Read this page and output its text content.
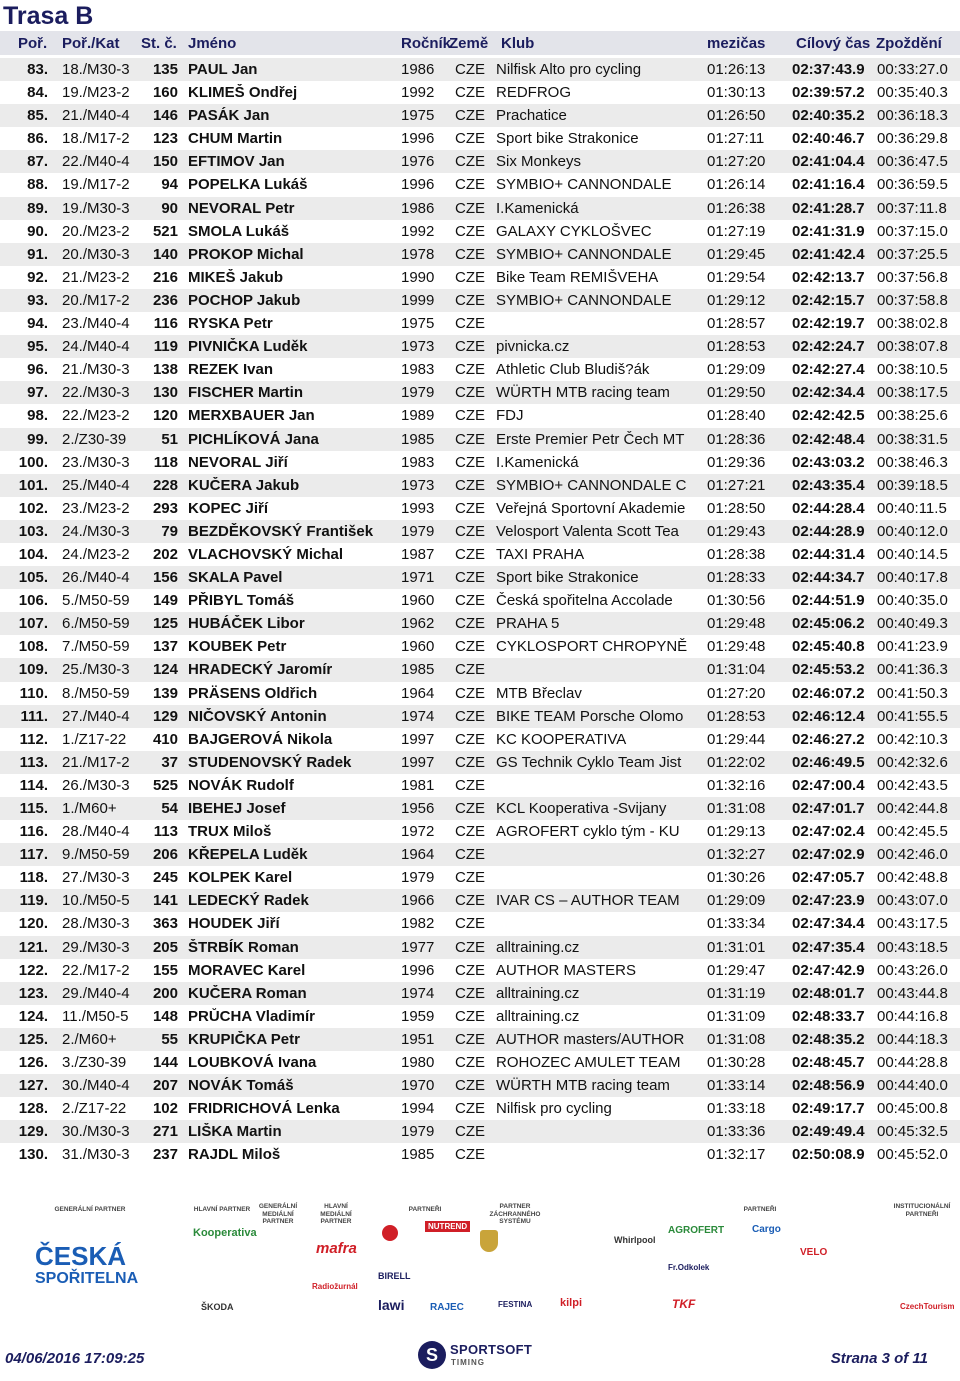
Trasa B
Poř. Poř./Kat St. č. Jméno	Ročník
Země Klub	mezičas Cílový čas Zpoždění
83. 18./M30-3	135 PAUL Jan	1986	CZE Nilfisk Alto pro cycling	01:26:13	02:37:43.9 00:33:27.0
84. 19./M23-2	160 KLIMEŠ Ondřej	1992	CZE REDFROG	01:30:13	02:39:57.2 00:35:40.3
85. 21./M40-4	146 PASÁK Jan	1975	CZE Prachatice	01:26:50	02:40:35.2 00:36:18.3
86. 18./M17-2	123 CHUM Martin	1996	CZE Sport bike Strakonice	01:27:11	02:40:46.7 00:36:29.8
87. 22./M40-4	150 EFTIMOV Jan	1976	CZE Six Monkeys	01:27:20	02:41:04.4 00:36:47.5
88. 19./M17-2	94 POPELKA Lukáš	1996	CZE SYMBIO+ CANNONDALE	01:26:14	02:41:16.4 00:36:59.5
89. 19./M30-3	90 NEVORAL Petr	1986	CZE I.Kamenická	01:26:38	02:41:28.7 00:37:11.8
90. 20./M23-2	521 SMOLA Lukáš	1992	CZE GALAXY CYKLOŠVEC	01:27:19	02:41:31.9 00:37:15.0
91. 20./M30-3	140 PROKOP Michal	1978	CZE SYMBIO+ CANNONDALE	01:29:45	02:41:42.4 00:37:25.5
92. 21./M23-2	216 MIKEŠ Jakub	1990	CZE Bike Team REMIŠVEHA	01:29:54	02:42:13.7 00:37:56.8
93. 20./M17-2	236 POCHOP Jakub	1999	CZE SYMBIO+ CANNONDALE	01:29:12	02:42:15.7 00:37:58.8
94. 23./M40-4	116 RYSKA Petr	1975	CZE	01:28:57	02:42:19.7 00:38:02.8
95. 24./M40-4	119 PIVNIČKA Luděk	1973	CZE pivnicka.cz	01:28:53	02:42:24.7 00:38:07.8
96. 21./M30-3	138 REZEK Ivan	1983	CZE Athletic Club Bludiš?ák	01:29:09	02:42:27.4 00:38:10.5
97. 22./M30-3	130 FISCHER Martin	1979	CZE WÜRTH MTB racing team	01:29:50	02:42:34.4 00:38:17.5
98. 22./M23-2	120 MERXBAUER Jan	1989	CZE FDJ	01:28:40	02:42:42.5 00:38:25.6
99. 2./Z30-39	51 PICHLÍKOVÁ Jana	1985	CZE Erste Premier Petr Čech MT	01:28:36	02:42:48.4 00:38:31.5
100. 23./M30-3	118 NEVORAL Jiří	1983	CZE I.Kamenická	01:29:36	02:43:03.2 00:38:46.3
101. 25./M40-4	228 KUČERA Jakub	1973	CZE SYMBIO+ CANNONDALE C 01:27:21	02:43:35.4 00:39:18.5
102. 23./M23-2	293 KOPEC Jiří	1993	CZE Veřejná Sportovní Akademie	01:28:50	02:44:28.4 00:40:11.5
103. 24./M30-3	79 BEZDĚKOVSKÝ František	1979	CZE Velosport Valenta Scott Tea	01:29:43	02:44:28.9 00:40:12.0
104. 24./M23-2	202 VLACHOVSKÝ Michal	1987	CZE TAXI PRAHA	01:28:38	02:44:31.4 00:40:14.5
105. 26./M40-4	156 SKALA Pavel	1971	CZE Sport bike Strakonice	01:28:33	02:44:34.7 00:40:17.8
106. 5./M50-59	149 PŘIBYL Tomáš	1960	CZE Česká spořitelna Accolade	01:30:56	02:44:51.9 00:40:35.0
107. 6./M50-59	125 HUBÁČEK Libor	1962	CZE PRAHA 5	01:29:48	02:45:06.2 00:40:49.3
108. 7./M50-59	137 KOUBEK Petr	1960	CZE CYKLOSPORT CHROPYNĚ 01:29:48	02:45:40.8 00:41:23.9
109. 25./M30-3	124 HRADECKÝ Jaromír	1985	CZE	01:31:04	02:45:53.2 00:41:36.3
110. 8./M50-59	139 PRÄSENS Oldřich	1964	CZE MTB Břeclav	01:27:20	02:46:07.2 00:41:50.3
111. 27./M40-4	129 NIČOVSKÝ Antonin	1974	CZE BIKE TEAM Porsche Olomo	01:28:53	02:46:12.4 00:41:55.5
112. 1./Z17-22	410 BAJGEROVÁ Nikola	1997	CZE KC KOOPERATIVA	01:29:44	02:46:27.2 00:42:10.3
113. 21./M17-2	37 STUDENOVSKÝ Radek	1997	CZE GS Technik Cyklo Team Jist	01:22:02	02:46:49.5 00:42:32.6
114. 26./M30-3	525 NOVÁK Rudolf	1981	CZE	01:32:16	02:47:00.4 00:42:43.5
115. 1./M60+	54 IBEHEJ Josef	1956	CZE KCL Kooperativa -Svijany	01:31:08	02:47:01.7 00:42:44.8
116. 28./M40-4	113 TRUX Miloš	1972	CZE AGROFERT cyklo tým - KU	01:29:13	02:47:02.4 00:42:45.5
117. 9./M50-59	206 KŘEPELA Luděk	1964	CZE	01:32:27	02:47:02.9 00:42:46.0
118. 27./M30-3	245 KOLPEK Karel	1979	CZE	01:30:26	02:47:05.7 00:42:48.8
119. 10./M50-5	141 LEDECKÝ Radek	1966	CZE IVAR CS – AUTHOR TEAM	01:29:09	02:47:23.9 00:43:07.0
120. 28./M30-3	363 HOUDEK Jiří	1982	CZE	01:33:34	02:47:34.4 00:43:17.5
121. 29./M30-3	205 ŠTRBÍK Roman	1977	CZE alltraining.cz	01:31:01	02:47:35.4 00:43:18.5
122. 22./M17-2	155 MORAVEC Karel	1996	CZE AUTHOR MASTERS	01:29:47	02:47:42.9 00:43:26.0
123. 29./M40-4	200 KUČERA Roman	1974	CZE alltraining.cz	01:31:19	02:48:01.7 00:43:44.8
124. 11./M50-5	148 PRŮCHA Vladimír	1959	CZE alltraining.cz	01:31:09	02:48:33.7 00:44:16.8
125. 2./M60+	55 KRUPIČKA Petr	1951	CZE AUTHOR masters/AUTHOR	01:31:08	02:48:35.2 00:44:18.3
126. 3./Z30-39	144 LOUBKOVÁ Ivana	1980	CZE ROHOZEC AMULET TEAM	01:30:28	02:48:45.7 00:44:28.8
127. 30./M40-4	207 NOVÁK Tomáš	1970	CZE WÜRTH MTB racing team	01:33:14	02:48:56.9 00:44:40.0
128. 2./Z17-22	102 FRIDRICHOVÁ Lenka	1994	CZE Nilfisk pro cycling	01:33:18	02:49:17.7 00:45:00.8
129. 30./M30-3	271 LIŠKA Martin	1979	CZE	01:33:36	02:49:49.4 00:45:32.5
130. 31./M30-3	237 RAJDL Miloš	1985	CZE	01:32:17	02:50:08.9 00:45:52.0
GENERÁLNÍ PARTNER	HLAVNÍ PARTNER	GENERÁLNÍ MEDIÁLNÍ PARTNER
HLAVNÍ MEDIÁLNÍ PARTNER
PARTNEŘI	PARTNER ZÁCHRANNÉHO SYSTÉMU
PARTNEŘI	INSTITUCIONÁLNÍ PARTNEŘI
ČESKÁ
SPOŘITELNA
Kooperativa
ŠKODA
mafra
Radiožurnál
BIRELL
lawi
NUTREND
RAJEC	FESTINA	kilpi
Whirlpool
AGROFERT	Cargo
Fr.Odkolek
TKF
VELO
CzechTourism
04/06/2016 17:09:25	S SPORTSOFT
TIMING	Strana 3 of 11
